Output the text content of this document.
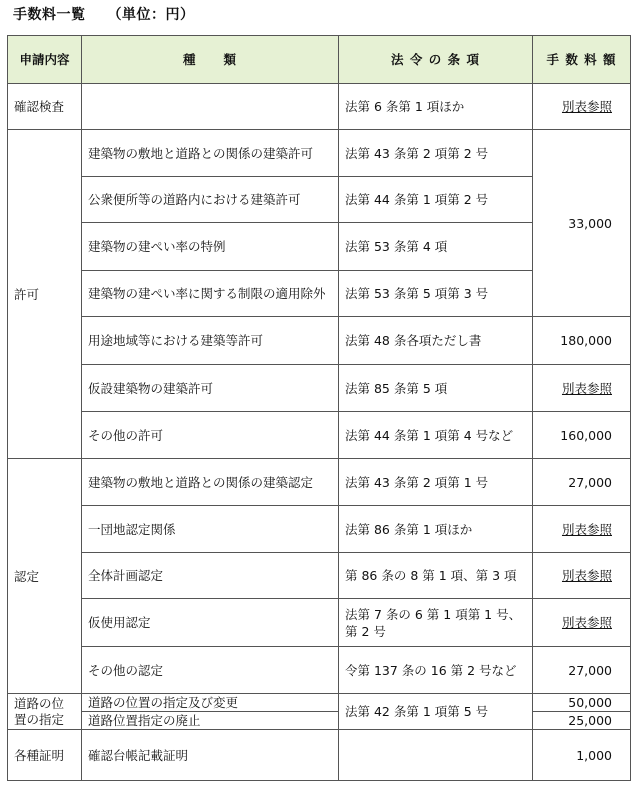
手数料一覧 （単位：円）
申請内容	種　　類	法 令 の 条 項	手 数 料 額
確認検査		法第 6 条第 1 項ほか	別表参照
許可	建築物の敷地と道路との関係の建築許可	法第 43 条第 2 項第 2 号	33,000
	公衆便所等の道路内における建築許可	法第 44 条第 1 項第 2 号	
	建築物の建ぺい率の特例	法第 53 条第 4 項	
	建築物の建ぺい率に関する制限の適用除外	法第 53 条第 5 項第 3 号	
	用途地域等における建築等許可	法第 48 条各項ただし書	180,000
	仮設建築物の建築許可	法第 85 条第 5 項	別表参照
	その他の許可	法第 44 条第 1 項第 4 号など	160,000
認定	建築物の敷地と道路との関係の建築認定	法第 43 条第 2 項第 1 号	27,000
	一団地認定関係	法第 86 条第 1 項ほか	別表参照
	全体計画認定	第 86 条の 8 第 1 項、第 3 項	別表参照
	仮使用認定	法第 7 条の 6 第 1 項第 1 号、第 2 号	別表参照
	その他の認定	令第 137 条の 16 第 2 号など	27,000
道路の位置の指定	道路の位置の指定及び変更	法第 42 条第 1 項第 5 号	50,000
	道路位置指定の廃止		25,000
各種証明	確認台帳記載証明		1,000
